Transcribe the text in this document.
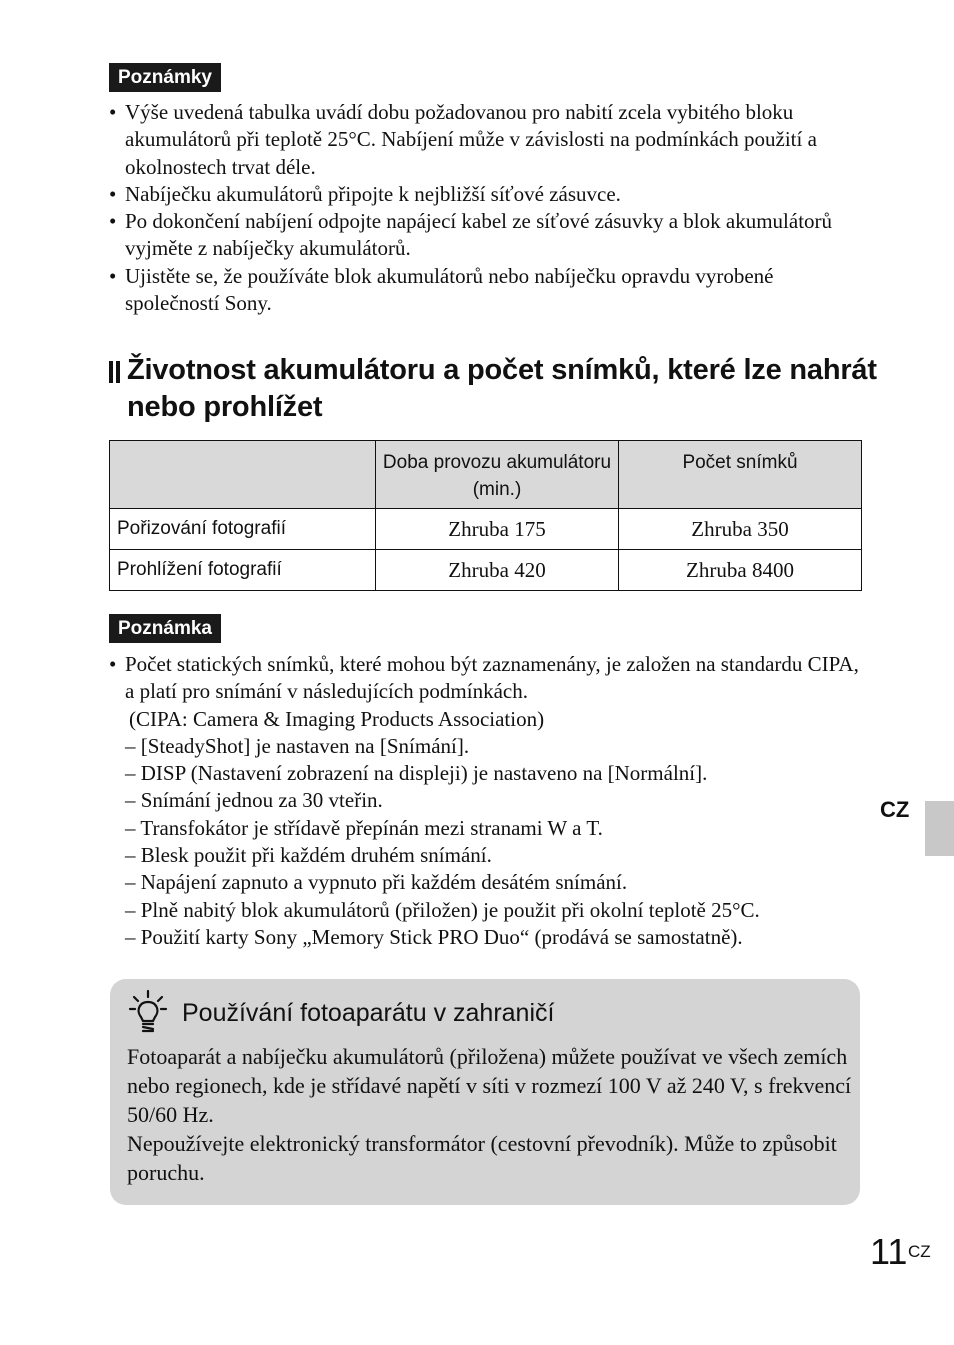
Poznámky
• Výše uvedená tabulka uvádí dobu požadovanou pro nabití zcela vybitého bloku akumulátorů při teplotě 25°C. Nabíjení může v závislosti na podmínkách použití a okolnostech trvat déle.
• Nabíječku akumulátorů připojte k nejbližší síťové zásuvce.
• Po dokončení nabíjení odpojte napájecí kabel ze síťové zásuvky a blok akumulátorů vyjměte z nabíječky akumulátorů.
• Ujistěte se, že používáte blok akumulátorů nebo nabíječku opravdu vyrobené společností Sony.
Životnost akumulátoru a počet snímků, které lze nahrát nebo prohlížet
	Doba provozu akumulátoru (min.)	Počet snímků
Pořizování fotografií	Zhruba 175	Zhruba 350
Prohlížení fotografií	Zhruba 420	Zhruba 8400
Poznámka
• Počet statických snímků, které mohou být zaznamenány, je založen na standardu CIPA, a platí pro snímání v následujících podmínkách.
(CIPA: Camera & Imaging Products Association)
– [SteadyShot] je nastaven na [Snímání].
– DISP (Nastavení zobrazení na displeji) je nastaveno na [Normální].
– Snímání jednou za 30 vteřin.
– Transfokátor je střídavě přepínán mezi stranami W a T.
– Blesk použit při každém druhém snímání.
– Napájení zapnuto a vypnuto při každém desátém snímání.
– Plně nabitý blok akumulátorů (přiložen) je použit při okolní teplotě 25°C.
– Použití karty Sony „Memory Stick PRO Duo“ (prodává se samostatně).
CZ
Používání fotoaparátu v zahraničí
Fotoaparát a nabíječku akumulátorů (přiložena) můžete používat ve všech zemích nebo regionech, kde je střídavé napětí v síti v rozmezí 100 V až 240 V, s frekvencí 50/60 Hz.
Nepoužívejte elektronický transformátor (cestovní převodník). Může to způsobit poruchu.
11 CZ
